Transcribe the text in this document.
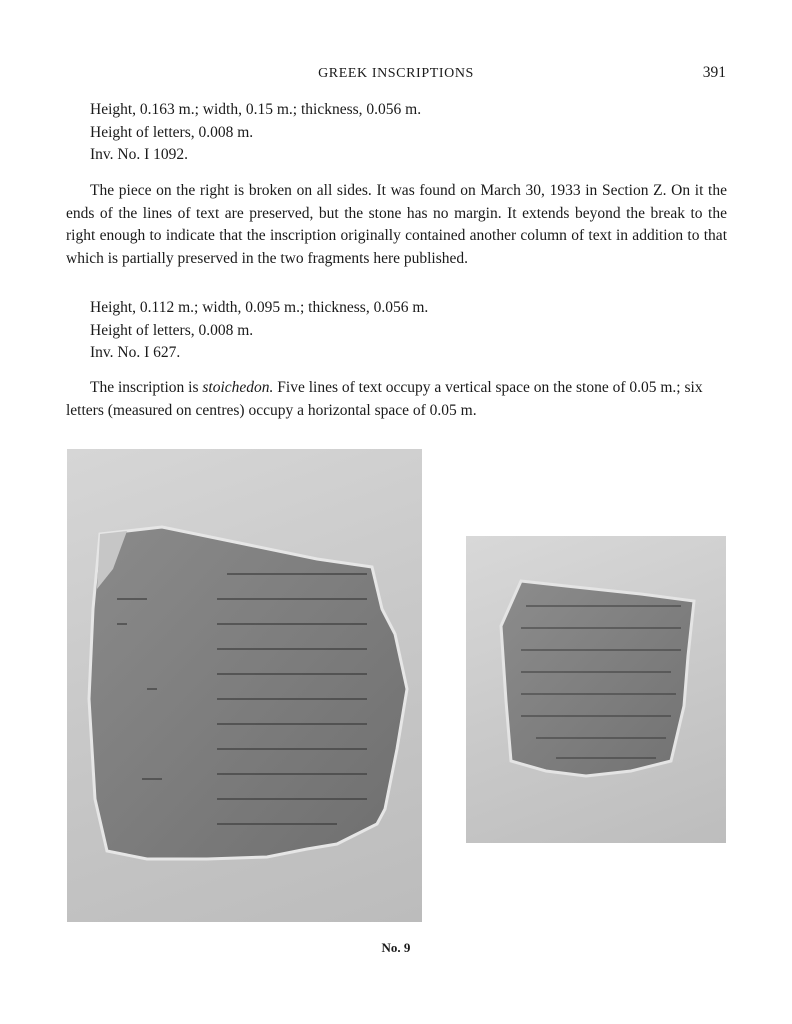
GREEK INSCRIPTIONS	391
Height, 0.163 m.; width, 0.15 m.; thickness, 0.056 m.
Height of letters, 0.008 m.
Inv. No. I 1092.

The piece on the right is broken on all sides. It was found on March 30, 1933 in Section Z. On it the ends of the lines of text are preserved, but the stone has no margin. It extends beyond the break to the right enough to indicate that the inscription originally contained another column of text in addition to that which is partially preserved in the two fragments here published.

Height, 0.112 m.; width, 0.095 m.; thickness, 0.056 m.
Height of letters, 0.008 m.
Inv. No. I 627.

The inscription is stoichedon. Five lines of text occupy a vertical space on the stone of 0.05 m.; six letters (measured on centres) occupy a horizontal space of 0.05 m.

No. 9
